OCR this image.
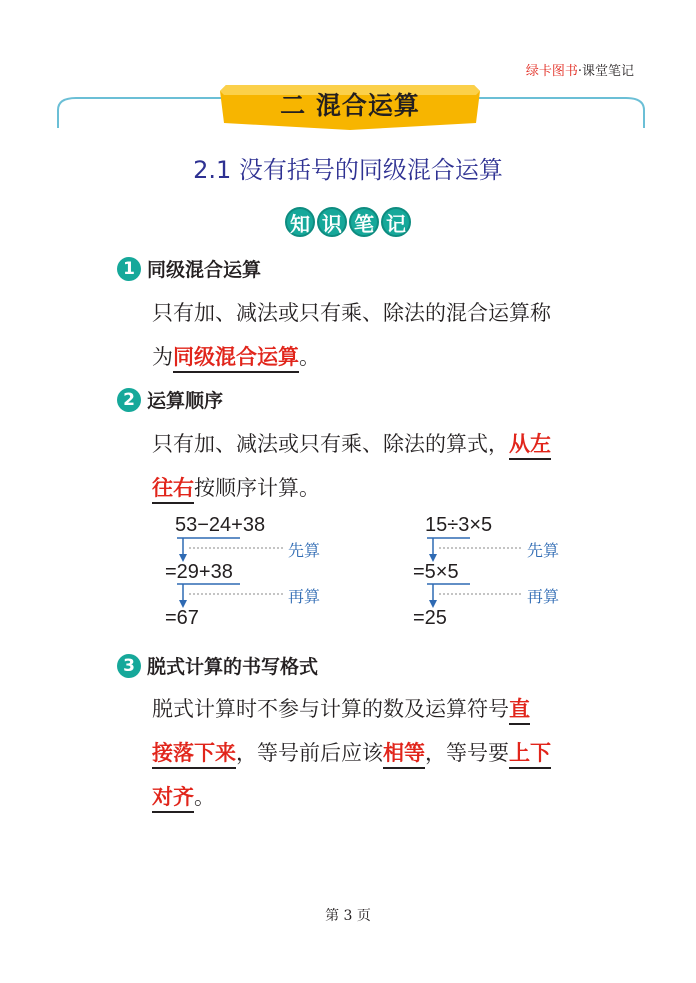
绿卡图书·课堂笔记
二 混合运算
2.1 没有括号的同级混合运算
知 识 笔 记
1 同级混合运算
只有加、减法或只有乘、除法的混合运算称
为同级混合运算。
2 运算顺序
只有加、减法或只有乘、除法的算式，从左
往右按顺序计算。
53−24+38
先算
=29+38
再算
=67
15÷3×5
先算
=5×5
再算
=25
3 脱式计算的书写格式
脱式计算时不参与计算的数及运算符号直
接落下来，等号前后应该相等，等号要上下
对齐。
第 3 页
